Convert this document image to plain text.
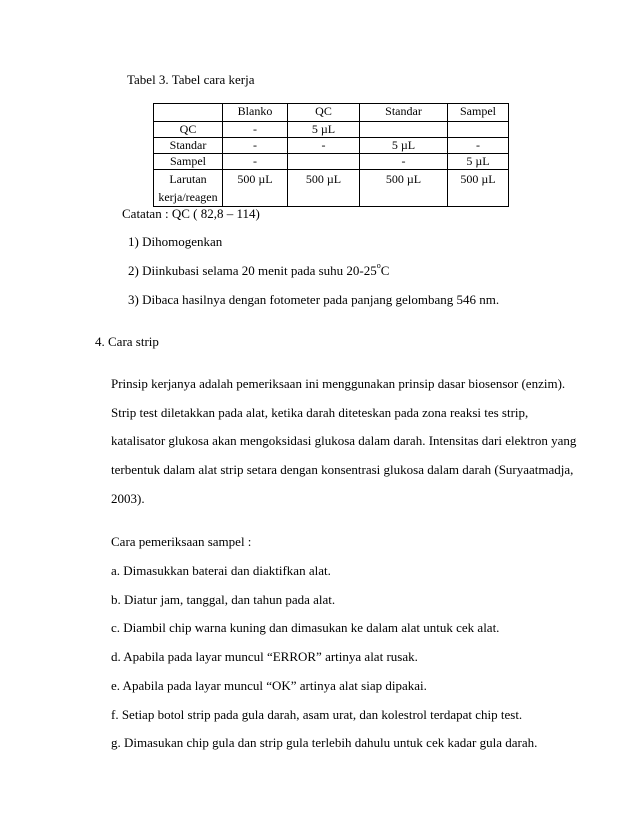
Tabel 3. Tabel cara kerja
	Blanko	QC	Standar	Sampel
QC	-	5 µL		
Standar	-	-	5 µL	-
Sampel	-		-	5 µL

Larutan
kerja/reagen	500 µL	500 µL	500 µL	500 µL
Catatan : QC ( 82,8 – 114)
1) Dihomogenkan
2) Diinkubasi selama 20 menit pada suhu 20-25$^o$C
3) Dibaca hasilnya dengan fotometer pada panjang gelombang 546 nm.
4. Cara strip
Prinsip kerjanya adalah pemeriksaan ini menggunakan prinsip dasar biosensor (enzim).
Strip test diletakkan pada alat, ketika darah diteteskan pada zona reaksi tes strip,
katalisator glukosa akan mengoksidasi glukosa dalam darah. Intensitas dari elektron yang
terbentuk dalam alat strip setara dengan konsentrasi glukosa dalam darah (Suryaatmadja,
2003).
Cara pemeriksaan sampel :
a. Dimasukkan baterai dan diaktifkan alat.
b. Diatur jam, tanggal, dan tahun pada alat.
c. Diambil chip warna kuning dan dimasukan ke dalam alat untuk cek alat.
d. Apabila pada layar muncul “ERROR” artinya alat rusak.
e. Apabila pada layar muncul “OK” artinya alat siap dipakai.
f. Setiap botol strip pada gula darah, asam urat, dan kolestrol terdapat chip test.
g. Dimasukan chip gula dan strip gula terlebih dahulu untuk cek kadar gula darah.
